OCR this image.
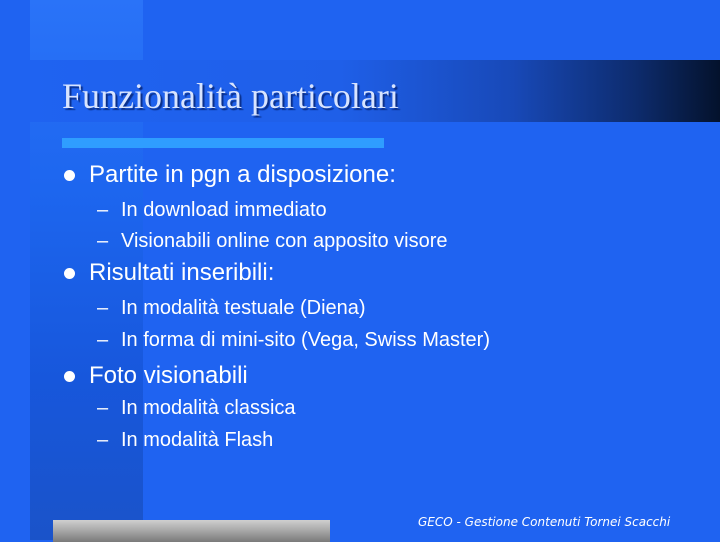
Funzionalità particolari
Partite in pgn a disposizione:
– In download immediato
– Visionabili online con apposito visore
Risultati inseribili:
– In modalità testuale (Diena)
– In forma di mini-sito (Vega, Swiss Master)
Foto visionabili
– In modalità classica
– In modalità Flash
GECO - Gestione Contenuti Tornei Scacchi
